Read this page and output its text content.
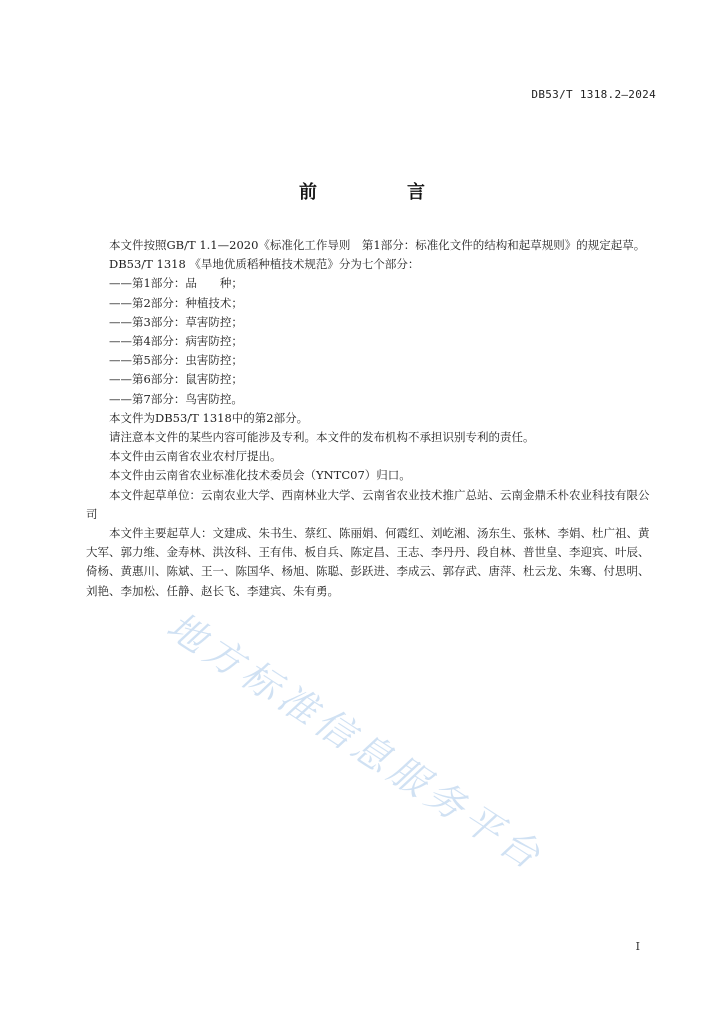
DB53/T 1318.2—2024
前　言

本文件按照GB/T 1.1—2020《标准化工作导则　第1部分：标准化文件的结构和起草规则》的规定起草。

DB53/T 1318 《旱地优质稻种植技术规范》分为七个部分：

——第1部分：品　　种；

——第2部分：种植技术；

——第3部分：草害防控；

——第4部分：病害防控；

——第5部分：虫害防控；

——第6部分：鼠害防控；

——第7部分：鸟害防控。

本文件为DB53/T 1318中的第2部分。

请注意本文件的某些内容可能涉及专利。本文件的发布机构不承担识别专利的责任。

本文件由云南省农业农村厅提出。

本文件由云南省农业标准化技术委员会（YNTC07）归口。

本文件起草单位：云南农业大学、西南林业大学、云南省农业技术推广总站、云南金鼎禾朴农业科技有限公司

本文件主要起草人：文建成、朱书生、蔡红、陈丽娟、何霞红、刘屹湘、汤东生、张林、李娟、杜广祖、黄大军、郭力维、金寿林、洪汝科、王有伟、板自兵、陈定昌、王志、李丹丹、段自林、普世皇、李迎宾、叶辰、倚杨、黄惠川、陈斌、王一、陈国华、杨旭、陈聪、彭跃进、李成云、郭存武、唐萍、杜云龙、朱骞、付思明、刘艳、李加松、任静、赵长飞、李建宾、朱有勇。

地方标准信息服务平台
I
